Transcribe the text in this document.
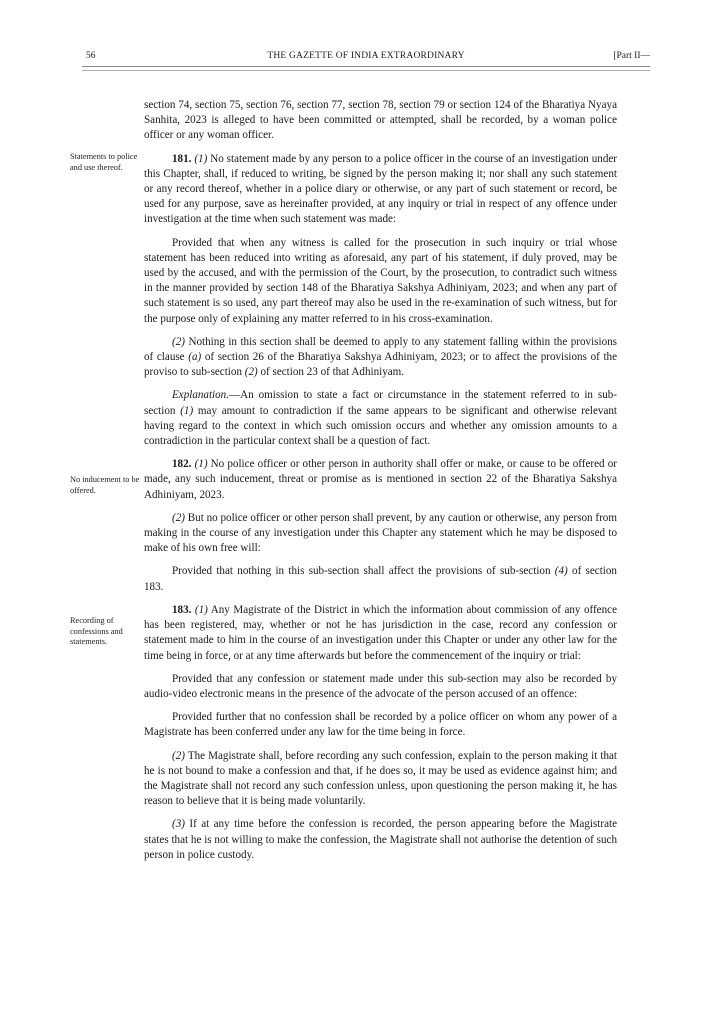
56	THE GAZETTE OF INDIA EXTRAORDINARY	[Part II—
Statements to police and use thereof.
No inducement to be offered.
Recording of confessions and statements.

section 74, section 75, section 76, section 77, section 78, section 79 or section 124 of the Bharatiya Nyaya Sanhita, 2023 is alleged to have been committed or attempted, shall be recorded, by a woman police officer or any woman officer.

181. (1) No statement made by any person to a police officer in the course of an investigation under this Chapter, shall, if reduced to writing, be signed by the person making it; nor shall any such statement or any record thereof, whether in a police diary or otherwise, or any part of such statement or record, be used for any purpose, save as hereinafter provided, at any inquiry or trial in respect of any offence under investigation at the time when such statement was made:

Provided that when any witness is called for the prosecution in such inquiry or trial whose statement has been reduced into writing as aforesaid, any part of his statement, if duly proved, may be used by the accused, and with the permission of the Court, by the prosecution, to contradict such witness in the manner provided by section 148 of the Bharatiya Sakshya Adhiniyam, 2023; and when any part of such statement is so used, any part thereof may also be used in the re-examination of such witness, but for the purpose only of explaining any matter referred to in his cross-examination.

(2) Nothing in this section shall be deemed to apply to any statement falling within the provisions of clause (a) of section 26 of the Bharatiya Sakshya Adhiniyam, 2023; or to affect the provisions of the proviso to sub-section (2) of section 23 of that Adhiniyam.

Explanation.—An omission to state a fact or circumstance in the statement referred to in sub-section (1) may amount to contradiction if the same appears to be significant and otherwise relevant having regard to the context in which such omission occurs and whether any omission amounts to a contradiction in the particular context shall be a question of fact.

182. (1) No police officer or other person in authority shall offer or make, or cause to be offered or made, any such inducement, threat or promise as is mentioned in section 22 of the Bharatiya Sakshya Adhiniyam, 2023.

(2) But no police officer or other person shall prevent, by any caution or otherwise, any person from making in the course of any investigation under this Chapter any statement which he may be disposed to make of his own free will:

Provided that nothing in this sub-section shall affect the provisions of sub-section (4) of section 183.

183. (1) Any Magistrate of the District in which the information about commission of any offence has been registered, may, whether or not he has jurisdiction in the case, record any confession or statement made to him in the course of an investigation under this Chapter or under any other law for the time being in force, or at any time afterwards but before the commencement of the inquiry or trial:

Provided that any confession or statement made under this sub-section may also be recorded by audio-video electronic means in the presence of the advocate of the person accused of an offence:

Provided further that no confession shall be recorded by a police officer on whom any power of a Magistrate has been conferred under any law for the time being in force.

(2) The Magistrate shall, before recording any such confession, explain to the person making it that he is not bound to make a confession and that, if he does so, it may be used as evidence against him; and the Magistrate shall not record any such confession unless, upon questioning the person making it, he has reason to believe that it is being made voluntarily.

(3) If at any time before the confession is recorded, the person appearing before the Magistrate states that he is not willing to make the confession, the Magistrate shall not authorise the detention of such person in police custody.
